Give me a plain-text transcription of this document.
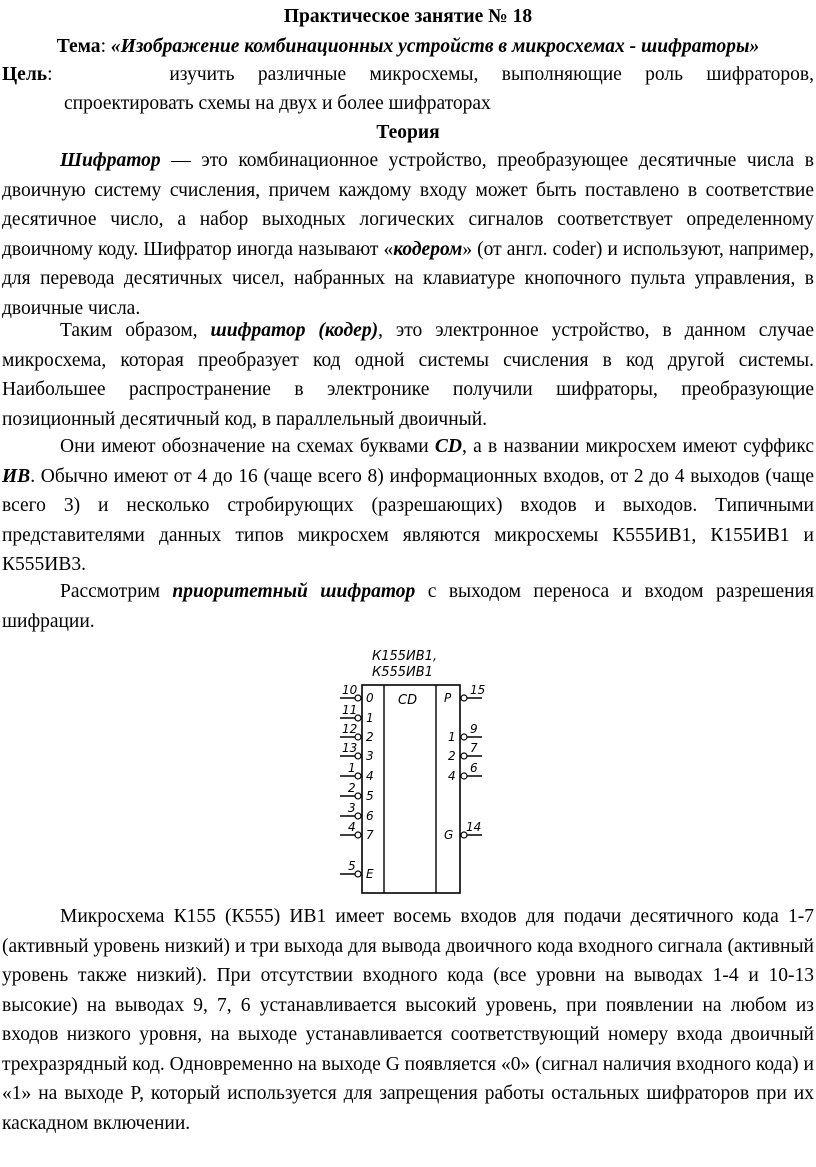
Практическое занятие № 18
Тема: «Изображение комбинационных устройств в микросхемах - шифраторы»
Цель:     изучить различные микросхемы, выполняющие роль шифраторов,
спроектировать схемы на двух и более шифраторах
Теория
Шифратор — это комбинационное устройство, преобразующее десятичные числа в двоичную систему счисления, причем каждому входу может быть поставлено в соответствие десятичное число, а набор выходных логических сигналов соответствует определенному двоичному коду. Шифратор иногда называют «кодером» (от англ. coder) и используют, например, для перевода десятичных чисел, набранных на клавиатуре кнопочного пульта управления, в двоичные числа.
Таким образом, шифратор (кодер), это электронное устройство, в данном случае микросхема, которая преобразует код одной системы счисления в код другой системы. Наибольшее распространение в электронике получили шифраторы, преобразующие позиционный десятичный код, в параллельный двоичный.
Они имеют обозначение на схемах буквами CD, а в названии микросхем имеют суффикс ИВ. Обычно имеют от 4 до 16 (чаще всего 8) информационных входов, от 2 до 4 выходов (чаще всего 3) и несколько стробирующих (разрешающих) входов и выходов. Типичными представителями данных типов микросхем являются микросхемы К555ИВ1, К155ИВ1 и К555ИВ3.
Рассмотрим приоритетный шифратор с выходом переноса и входом разрешения шифрации.
К155ИВ1,
К555ИВ1
CD
10
11
12
13
1
2
3
4
5
0
1
2
3
4
5
6
7
E
P
1
2
4
G
15
9
7
6
14
Микросхема К155 (К555) ИВ1 имеет восемь входов для подачи десятичного кода 1-7 (активный уровень низкий) и три выхода для вывода двоичного кода входного сигнала (активный уровень также низкий). При отсутствии входного кода (все уровни на выводах 1-4 и 10-13 высокие) на выводах 9, 7, 6 устанавливается высокий уровень, при появлении на любом из входов низкого уровня, на выходе устанавливается соответствующий номеру входа двоичный трехразрядный код. Одновременно на выходе G появляется «0» (сигнал наличия входного кода) и «1» на выходе P, который используется для запрещения работы остальных шифраторов при их каскадном включении.
